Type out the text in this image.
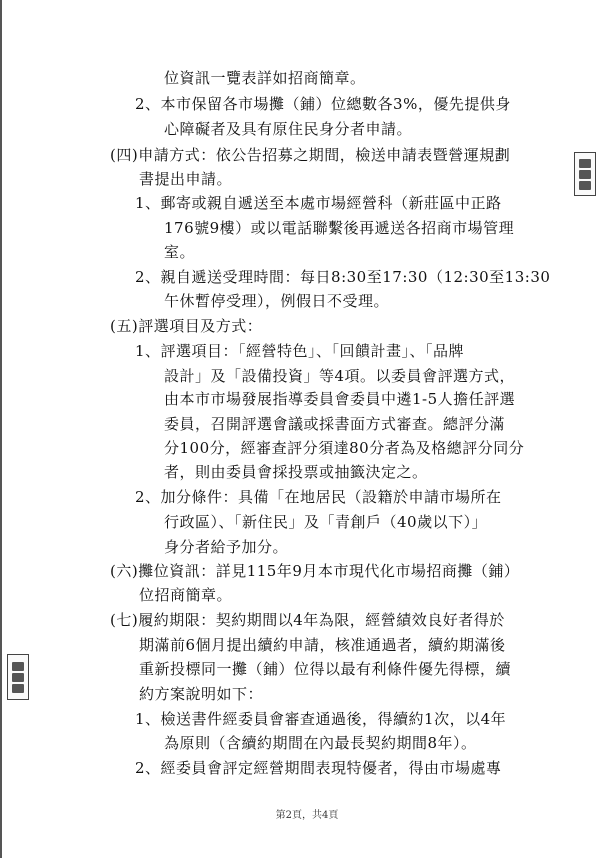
位資訊一覽表詳如招商簡章。
2、本市保留各市場攤（鋪）位總數各3%，優先提供身
心障礙者及具有原住民身分者申請。
(四)申請方式：依公告招募之期間，檢送申請表暨營運規劃
書提出申請。
1、郵寄或親自遞送至本處市場經營科（新莊區中正路
176號9樓）或以電話聯繫後再遞送各招商市場管理
室。
2、親自遞送受理時間：每日8:30至17:30（12:30至13:30
午休暫停受理），例假日不受理。
(五)評選項目及方式：
1、評選項目：「經營特色」、「回饋計畫」、「品牌
設計」及「設備投資」等4項。以委員會評選方式，
由本市市場發展指導委員會委員中遴1-5人擔任評選
委員，召開評選會議或採書面方式審查。總評分滿
分100分，經審查評分須達80分者為及格總評分同分
者，則由委員會採投票或抽籤決定之。
2、加分條件：具備「在地居民（設籍於申請市場所在
行政區）、「新住民」及「青創戶（40歲以下）」
身分者給予加分。
(六)攤位資訊：詳見115年9月本市現代化市場招商攤（鋪）
位招商簡章。
(七)履約期限：契約期間以4年為限，經營績效良好者得於
期滿前6個月提出續約申請，核准通過者，續約期滿後
重新投標同一攤（鋪）位得以最有利條件優先得標，續
約方案說明如下：
1、檢送書件經委員會審查通過後，得續約1次，以4年
為原則（含續約期間在內最長契約期間8年）。
2、經委員會評定經營期間表現特優者，得由市場處專
第2頁，共4頁
